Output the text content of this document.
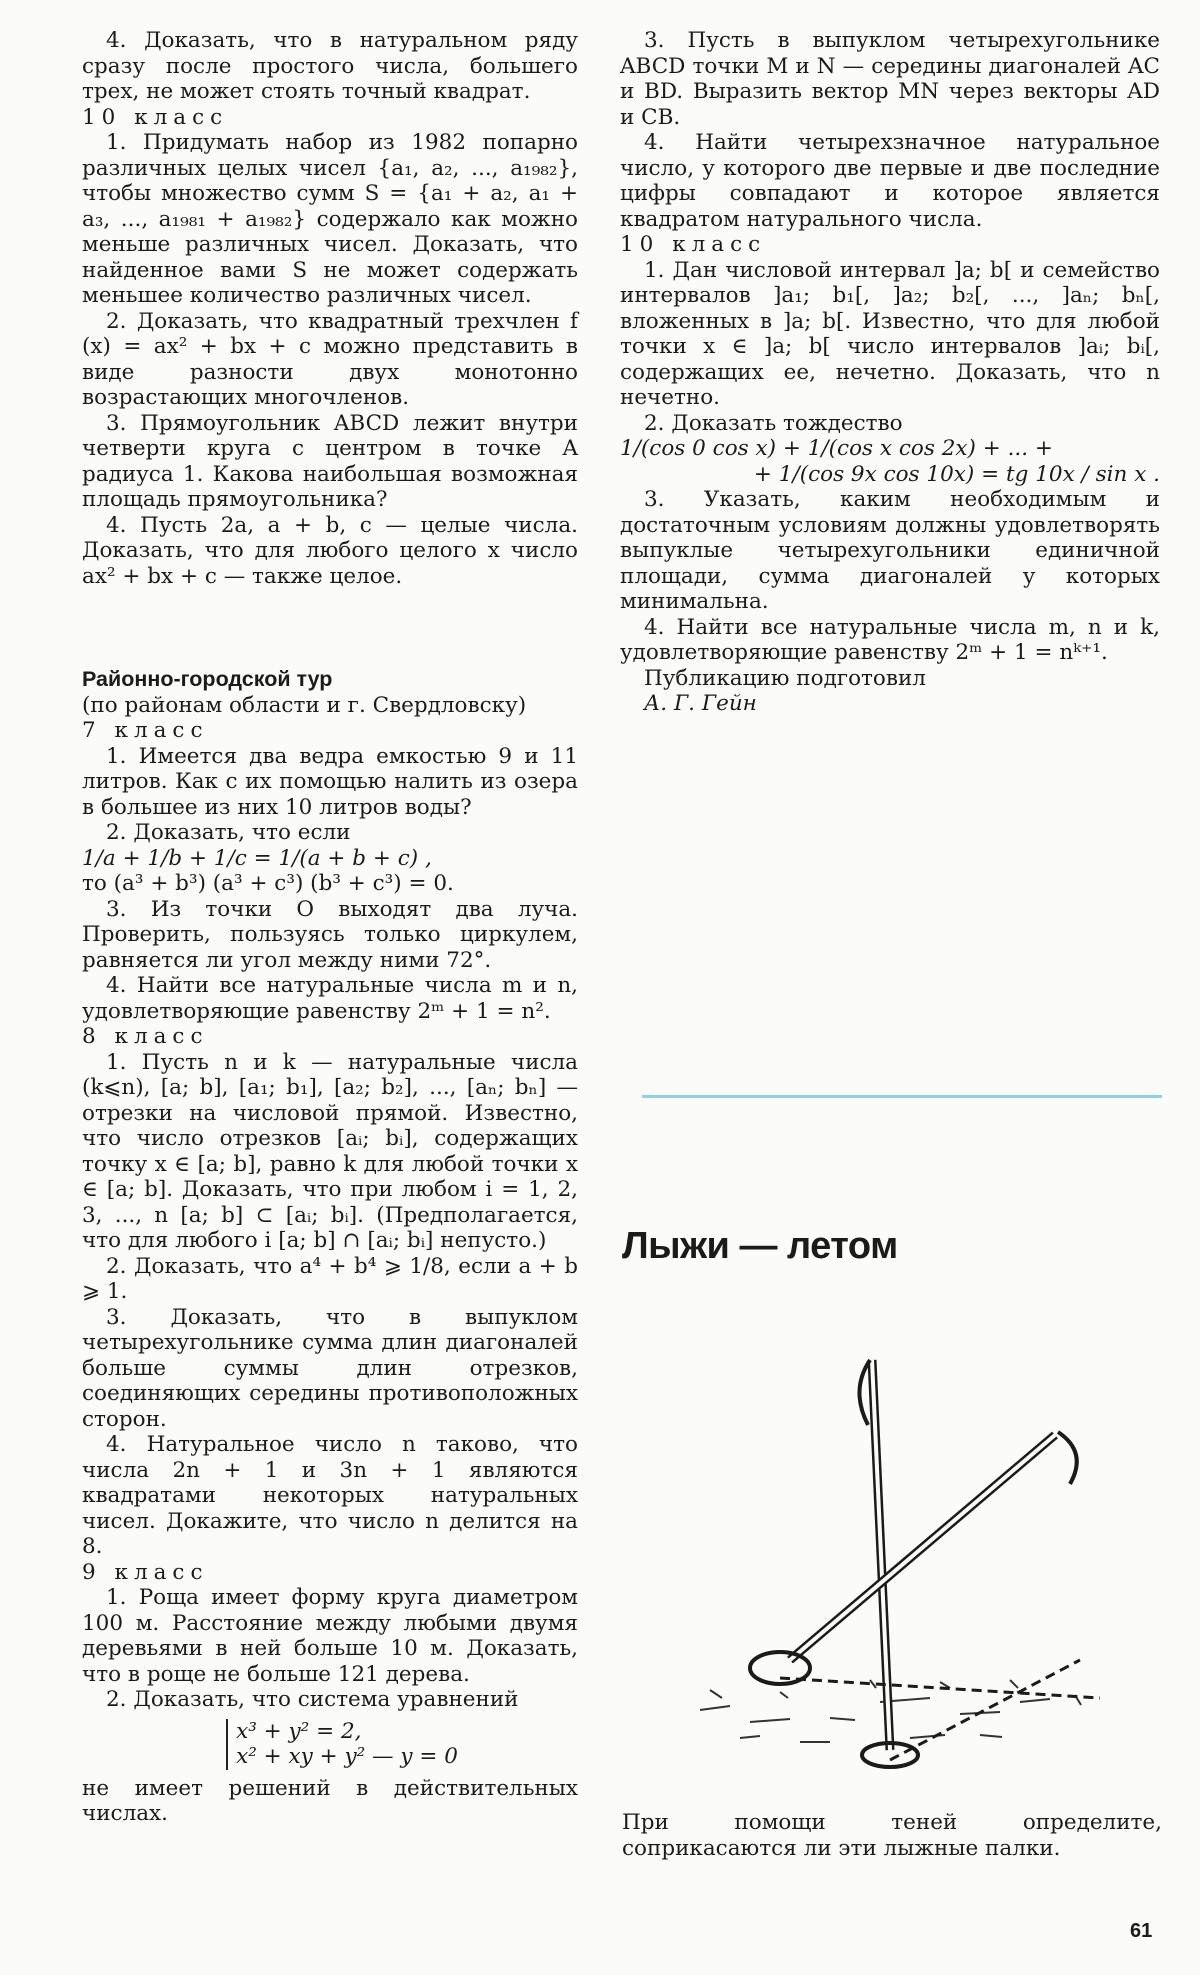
4. Доказать, что в натуральном ряду сразу после простого числа, большего трех, не может стоять точный квадрат.

10 класс

1. Придумать набор из 1982 попарно различных целых чисел {a₁, a₂, ..., a₁₉₈₂}, чтобы множество сумм S = {a₁ + a₂, a₁ + a₃, ..., a₁₉₈₁ + a₁₉₈₂} содержало как можно меньше различных чисел. Доказать, что найденное вами S не может содержать меньшее количество различных чисел.

2. Доказать, что квадратный трехчлен f (x) = ax² + bx + c можно представить в виде разности двух монотонно возрастающих многочленов.

3. Прямоугольник ABCD лежит внутри четверти круга с центром в точке A радиуса 1. Какова наибольшая возможная площадь прямоугольника?

4. Пусть 2a, a + b, c — целые числа. Доказать, что для любого целого x число ax² + bx + c — также целое.

Районно-городской тур

(по районам области и г. Свердловску)

7 класс

1. Имеется два ведра емкостью 9 и 11 литров. Как с их помощью налить из озера в большее из них 10 литров воды?

2. Доказать, что если

1/a + 1/b + 1/c = 1/(a + b + c) ,

то (a³ + b³) (a³ + c³) (b³ + c³) = 0.

3. Из точки O выходят два луча. Проверить, пользуясь только циркулем, равняется ли угол между ними 72°.

4. Найти все натуральные числа m и n, удовлетворяющие равенству 2ᵐ + 1 = n².

8 класс

1. Пусть n и k — натуральные числа (k⩽n), [a; b], [a₁; b₁], [a₂; b₂], ..., [aₙ; bₙ] — отрезки на числовой прямой. Известно, что число отрезков [aᵢ; bᵢ], содержащих точку x ∈ [a; b], равно k для любой точки x ∈ [a; b]. Доказать, что при любом i = 1, 2, 3, ..., n [a; b] ⊂ [aᵢ; bᵢ]. (Предполагается, что для любого i [a; b] ∩ [aᵢ; bᵢ] непусто.)

2. Доказать, что a⁴ + b⁴ ⩾ 1/8, если a + b ⩾ 1.

3. Доказать, что в выпуклом четырехугольнике сумма длин диагоналей больше суммы длин отрезков, соединяющих середины противоположных сторон.

4. Натуральное число n таково, что числа 2n + 1 и 3n + 1 являются квадратами некоторых натуральных чисел. Докажите, что число n делится на 8.

9 класс

1. Роща имеет форму круга диаметром 100 м. Расстояние между любыми двумя деревьями в ней больше 10 м. Доказать, что в роще не больше 121 дерева.

2. Доказать, что система уравнений

x³ + y² = 2,
x² + xy + y² — y = 0

не имеет решений в действительных числах.

3. Пусть в выпуклом четырехугольнике ABCD точки M и N — середины диагоналей AC и BD. Выразить вектор MN через векторы AD и CB.

4. Найти четырехзначное натуральное число, у которого две первые и две последние цифры совпадают и которое является квадратом натурального числа.

10 класс

1. Дан числовой интервал ]a; b[ и семейство интервалов ]a₁; b₁[, ]a₂; b₂[, ..., ]aₙ; bₙ[, вложенных в ]a; b[. Известно, что для любой точки x ∈ ]a; b[ число интервалов ]aᵢ; bᵢ[, содержащих ее, нечетно. Доказать, что n нечетно.

2. Доказать тождество

1/(cos 0 cos x) + 1/(cos x cos 2x) + ... +

+ 1/(cos 9x cos 10x) = tg 10x / sin x .

3. Указать, каким необходимым и достаточным условиям должны удовлетворять выпуклые четырехугольники единичной площади, сумма диагоналей у которых минимальна.

4. Найти все натуральные числа m, n и k, удовлетворяющие равенству 2ᵐ + 1 = nᵏ⁺¹.

Публикацию подготовил

А. Г. Гейн

Лыжи — летом
При помощи теней определите, соприкасаются ли эти лыжные палки.
61
